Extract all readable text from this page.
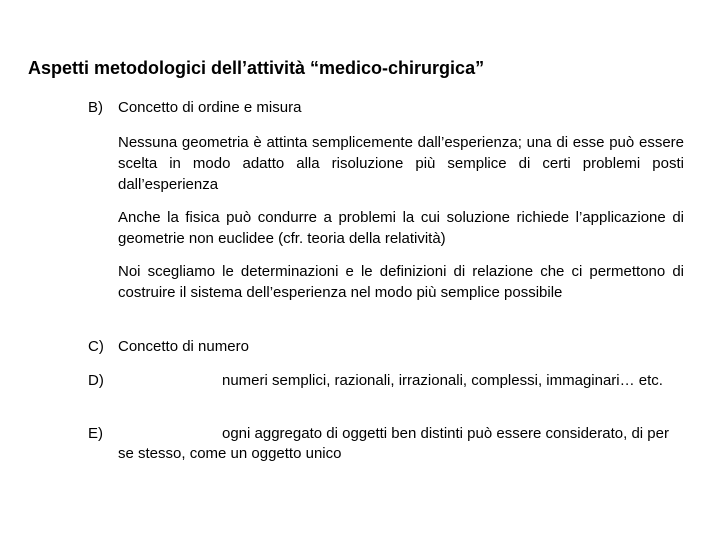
Aspetti metodologici dell’attività “medico-chirurgica”
B) Concetto di ordine e misura
Nessuna geometria è attinta semplicemente dall’esperienza; una di esse può essere scelta in modo adatto alla risoluzione più semplice di certi problemi posti dall’esperienza
Anche la fisica può condurre a problemi la cui soluzione richiede l’applicazione di geometrie non euclidee (cfr. teoria della relatività)
Noi scegliamo le determinazioni e le definizioni di relazione che ci permettono di costruire il sistema dell’esperienza nel modo più semplice possibile
C) Concetto di numero
D)	numeri semplici, razionali, irrazionali, complessi, immaginari… etc.
E)	ogni aggregato di oggetti ben distinti può essere considerato, di per se stesso, come un oggetto unico
